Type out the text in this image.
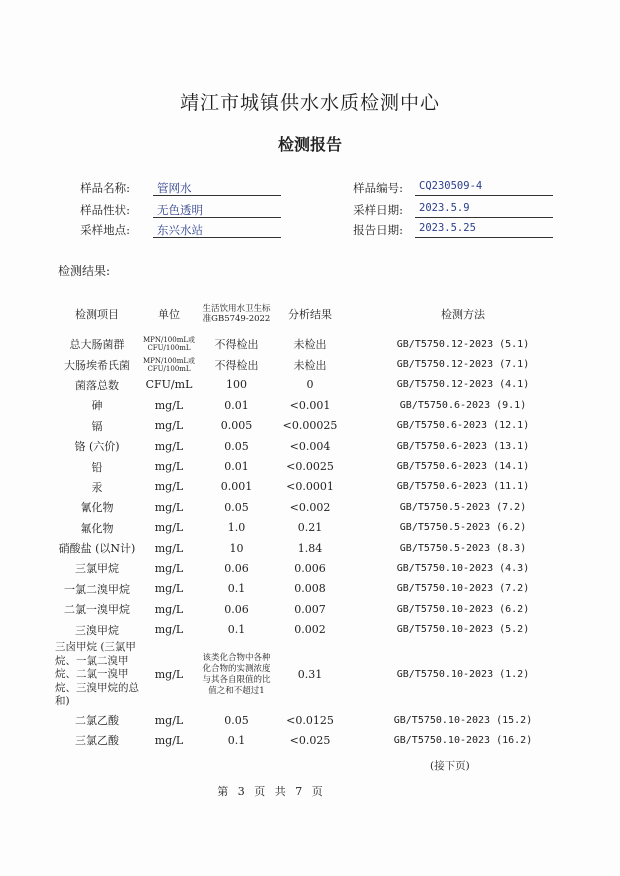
靖江市城镇供水水质检测中心
检测报告
样品名称:	管网水
样品性状:	无色透明
采样地点:	东兴水站
样品编号:	CQ230509-4
采样日期:	2023.5.9
报告日期:	2023.5.25
检测结果:
检测项目	单位	生活饮用水卫生标准GB5749-2022	分析结果	检测方法
总大肠菌群	MPN/100mL或CFU/100mL	不得检出	未检出	GB/T5750.12-2023 (5.1)
大肠埃希氏菌	MPN/100mL或CFU/100mL	不得检出	未检出	GB/T5750.12-2023 (7.1)
菌落总数	CFU/mL	100	0	GB/T5750.12-2023 (4.1)
砷	mg/L	0.01	<0.001	GB/T5750.6-2023 (9.1)
镉	mg/L	0.005	<0.00025	GB/T5750.6-2023 (12.1)
铬 (六价)	mg/L	0.05	<0.004	GB/T5750.6-2023 (13.1)
铅	mg/L	0.01	<0.0025	GB/T5750.6-2023 (14.1)
汞	mg/L	0.001	<0.0001	GB/T5750.6-2023 (11.1)
氰化物	mg/L	0.05	<0.002	GB/T5750.5-2023 (7.2)
氟化物	mg/L	1.0	0.21	GB/T5750.5-2023 (6.2)
硝酸盐 (以N计)	mg/L	10	1.84	GB/T5750.5-2023 (8.3)
三氯甲烷	mg/L	0.06	0.006	GB/T5750.10-2023 (4.3)
一氯二溴甲烷	mg/L	0.1	0.008	GB/T5750.10-2023 (7.2)
二氯一溴甲烷	mg/L	0.06	0.007	GB/T5750.10-2023 (6.2)
三溴甲烷	mg/L	0.1	0.002	GB/T5750.10-2023 (5.2)
三卤甲烷 (三氯甲烷、一氯二溴甲烷、二氯一溴甲烷、三溴甲烷的总和)	mg/L	该类化合物中各种化合物的实测浓度与其各自限值的比值之和不超过1	0.31	GB/T5750.10-2023 (1.2)
二氯乙酸	mg/L	0.05	<0.0125	GB/T5750.10-2023 (15.2)
三氯乙酸	mg/L	0.1	<0.025	GB/T5750.10-2023 (16.2)
(接下页)
第 3 页 共 7 页
